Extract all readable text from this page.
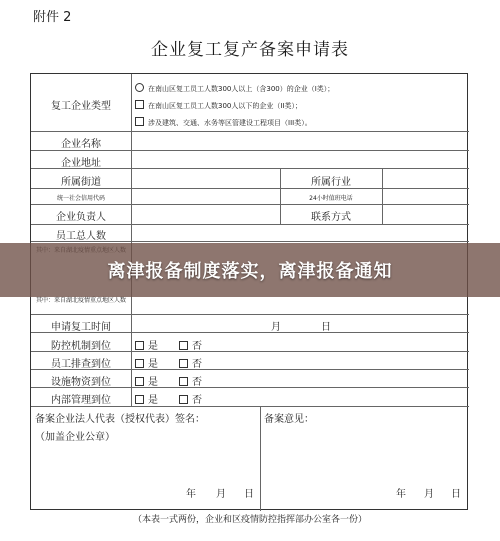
附件 2
企业复工复产备案申请表
复工企业类型
在南山区复工员工人数300人以上（含300）的企业（I类）；
在南山区复工员工人数300人以下的企业（II类）；
涉及建筑、交通、水务等区管建设工程项目（III类）。
企业名称
企业地址
所属街道	所属行业
统一社会信用代码	24小时值班电话
企业负责人	联系方式
员工总人数
其中：来自湖北疫情重点地区人数
申请复工时间	月	日
防控机制到位	是	否
员工排查到位	是	否
设施物资到位	是	否
内部管理到位	是	否
备案企业法人代表（授权代表）签名：
（加盖企业公章）
备案意见：
年 月 日	年 月 日
（本表一式两份，企业和区疫情防控指挥部办公室各一份）
离津报备制度落实，离津报备通知
